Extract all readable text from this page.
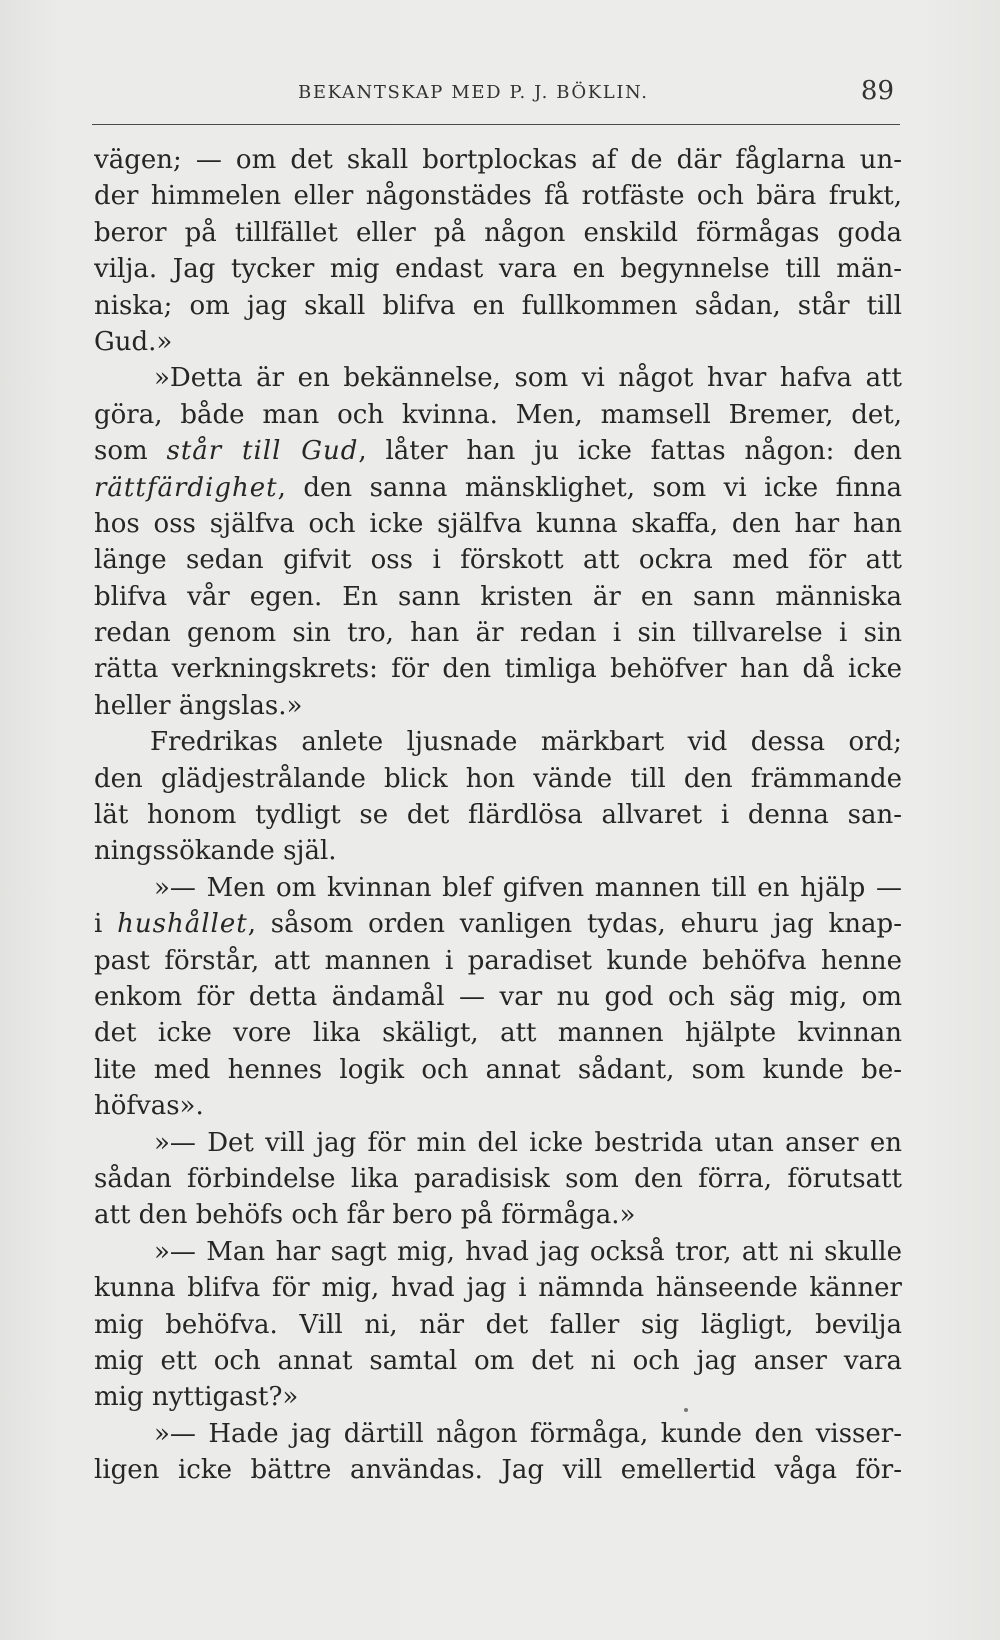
BEKANTSKAP MED P. J. BÖKLIN.	89
vägen; — om det skall bortplockas af de där fåglarna un-
der himmelen eller någonstädes få rotfäste och bära frukt,
beror på tillfället eller på någon enskild förmågas goda
vilja. Jag tycker mig endast vara en begynnelse till män-
niska; om jag skall blifva en fullkommen sådan, står till
Gud.»
»Detta är en bekännelse, som vi något hvar hafva att
göra, både man och kvinna. Men, mamsell Bremer, det,
som står till Gud, låter han ju icke fattas någon: den
rättfärdighet, den sanna mänsklighet, som vi icke finna
hos oss själfva och icke själfva kunna skaffa, den har han
länge sedan gifvit oss i förskott att ockra med för att
blifva vår egen. En sann kristen är en sann människa
redan genom sin tro, han är redan i sin tillvarelse i sin
rätta verkningskrets: för den timliga behöfver han då icke
heller ängslas.»
Fredrikas anlete ljusnade märkbart vid dessa ord;
den glädjestrålande blick hon vände till den främmande
lät honom tydligt se det flärdlösa allvaret i denna san-
ningssökande själ.
»— Men om kvinnan blef gifven mannen till en hjälp —
i hushållet, såsom orden vanligen tydas, ehuru jag knap-
past förstår, att mannen i paradiset kunde behöfva henne
enkom för detta ändamål — var nu god och säg mig, om
det icke vore lika skäligt, att mannen hjälpte kvinnan
lite med hennes logik och annat sådant, som kunde be-
höfvas».
»— Det vill jag för min del icke bestrida utan anser en
sådan förbindelse lika paradisisk som den förra, förutsatt
att den behöfs och får bero på förmåga.»
»— Man har sagt mig, hvad jag också tror, att ni skulle
kunna blifva för mig, hvad jag i nämnda hänseende känner
mig behöfva. Vill ni, när det faller sig lägligt, bevilja
mig ett och annat samtal om det ni och jag anser vara
mig nyttigast?»
»— Hade jag därtill någon förmåga, kunde den visser-
ligen icke bättre användas. Jag vill emellertid våga för-
